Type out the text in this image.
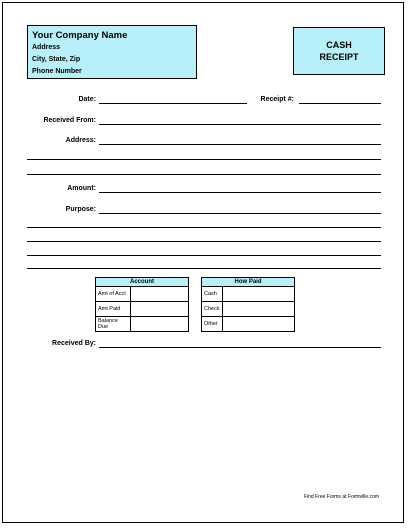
Your Company Name
Address
City, State, Zip
Phone Number
CASH
RECEIPT
Date:	Receipt #:
Received From:
Address:
Amount:
Purpose:
Account	
Amt of Acct	
Amt Paid	
Balance Due	
How Paid	
Cash	
Check	
Other	
Received By:
Find Free Forms at Formville.com
